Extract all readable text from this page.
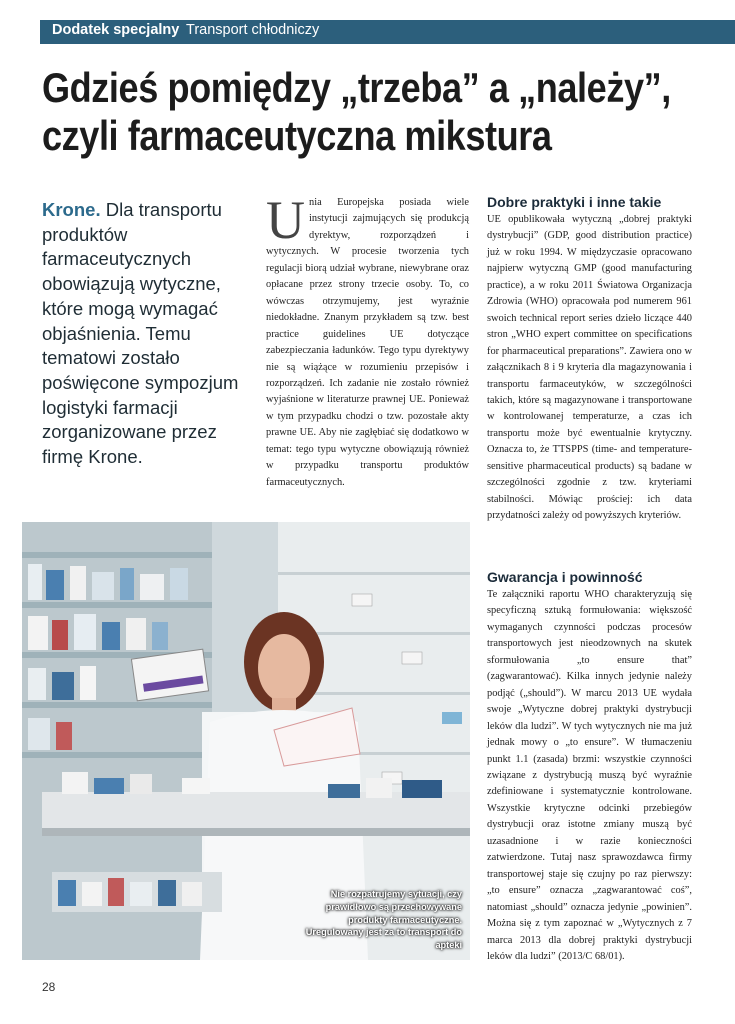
Dodatek specjalny Transport chłodniczy
Gdzieś pomiędzy „trzeba” a „należy”,
czyli farmaceutyczna mikstura
Krone. Dla transportu produktów farmaceutycznych obowiązują wytyczne, które mogą wymagać objaśnienia. Temu tematowi zostało poświęcone sympozjum logistyki farmacji zorganizowane przez firmę Krone.
U nia Europejska posiada wiele instytucji zajmujących się produkcją dyrektyw, rozporządzeń i wytycznych. W procesie tworzenia tych regulacji biorą udział wybrane, niewybrane oraz opłacane przez strony trzecie osoby. To, co wówczas otrzymujemy, jest wyraźnie niedokładne. Znanym przykładem są tzw. best practice guidelines UE dotyczące zabezpieczania ładunków. Tego typu dyrektywy nie są wiążące w rozumieniu przepisów i rozporządzeń. Ich zadanie nie zostało również wyjaśnione w literaturze prawnej UE. Ponieważ w tym przypadku chodzi o tzw. pozostałe akty prawne UE. Aby nie zagłębiać się dodatkowo w temat: tego typu wytyczne obowiązują również w przypadku transportu produktów farmaceutycznych.
Dobre praktyki i inne takie
UE opublikowała wytyczną „dobrej praktyki dystrybucji” (GDP, good distribution practice) już w roku 1994. W międzyczasie opracowano najpierw wytyczną GMP (good manufacturing practice), a w roku 2011 Światowa Organizacja Zdrowia (WHO) opracowała pod numerem 961 swoich technical report series dzieło liczące 440 stron „WHO expert committee on specifications for pharmaceutical preparations”. Zawiera ono w załącznikach 8 i 9 kryteria dla magazynowania i transportu farmaceutyków, w szczególności takich, które są magazynowane i transportowane w kontrolowanej temperaturze, a czas ich transportu może być ewentualnie krytyczny. Oznacza to, że TTSPPS (time- and temperature-sensitive pharmaceutical products) są badane w szczególności zgodnie z tzw. kryteriami stabilności. Mówiąc prościej: ich data przydatności zależy od powyższych kryteriów.
Gwarancja i powinność
Te załączniki raportu WHO charakteryzują się specyficzną sztuką formułowania: większość wymaganych czynności podczas procesów transportowych jest nieodzownych na skutek sformułowania „to ensure that” (zagwarantować). Kilka innych jedynie należy podjąć („should”). W marcu 2013 UE wydała swoje „Wytyczne dobrej praktyki dystrybucji leków dla ludzi”. W tych wytycznych nie ma już jednak mowy o „to ensure”. W tłumaczeniu punkt 1.1 (zasada) brzmi: wszystkie czynności związane z dystrybucją muszą być wyraźnie zdefiniowane i systematycznie kontrolowane. Wszystkie krytyczne odcinki przebiegów dystrybucji oraz istotne zmiany muszą być uzasadnione i w razie konieczności zatwierdzone. Tutaj nasz sprawozdawca firmy transportowej staje się czujny po raz pierwszy: „to ensure” oznacza „zagwarantować coś”, natomiast „should” oznacza jedynie „powinien”. Można się z tym zapoznać w „Wytycznych z 7 marca 2013 dla dobrej praktyki dystrybucji leków dla ludzi” (2013/C 68/01).
Nie rozpatrujemy sytuacji, czy prawidłowo są przechowywane produkty farmaceutyczne. Uregulowany jest za to transport do apteki
28
